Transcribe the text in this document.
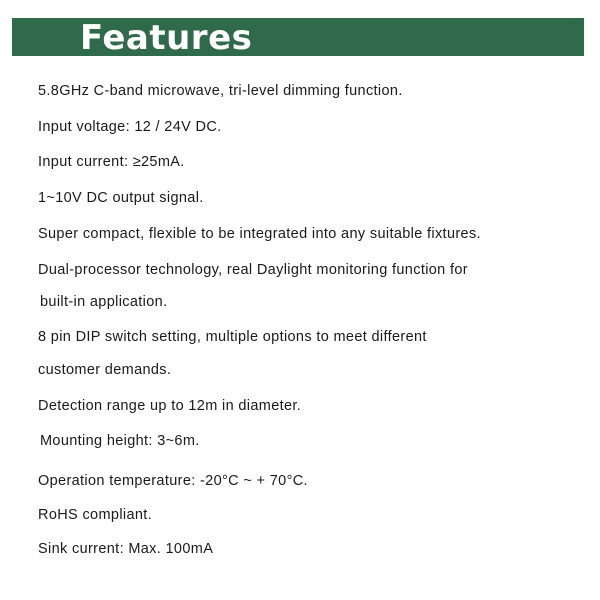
Features
5.8GHz C-band microwave, tri-level dimming function.
Input voltage: 12 / 24V DC.
Input current: ≥25mA.
1~10V DC output signal.
Super compact, flexible to be integrated into any suitable fixtures.
Dual-processor technology, real Daylight monitoring function for
built-in application.
8 pin DIP switch setting, multiple options to meet different
customer demands.
Detection range up to 12m in diameter.
Mounting height: 3~6m.
Operation temperature: -20°C ~ + 70°C.
RoHS compliant.
Sink current: Max. 100mA
